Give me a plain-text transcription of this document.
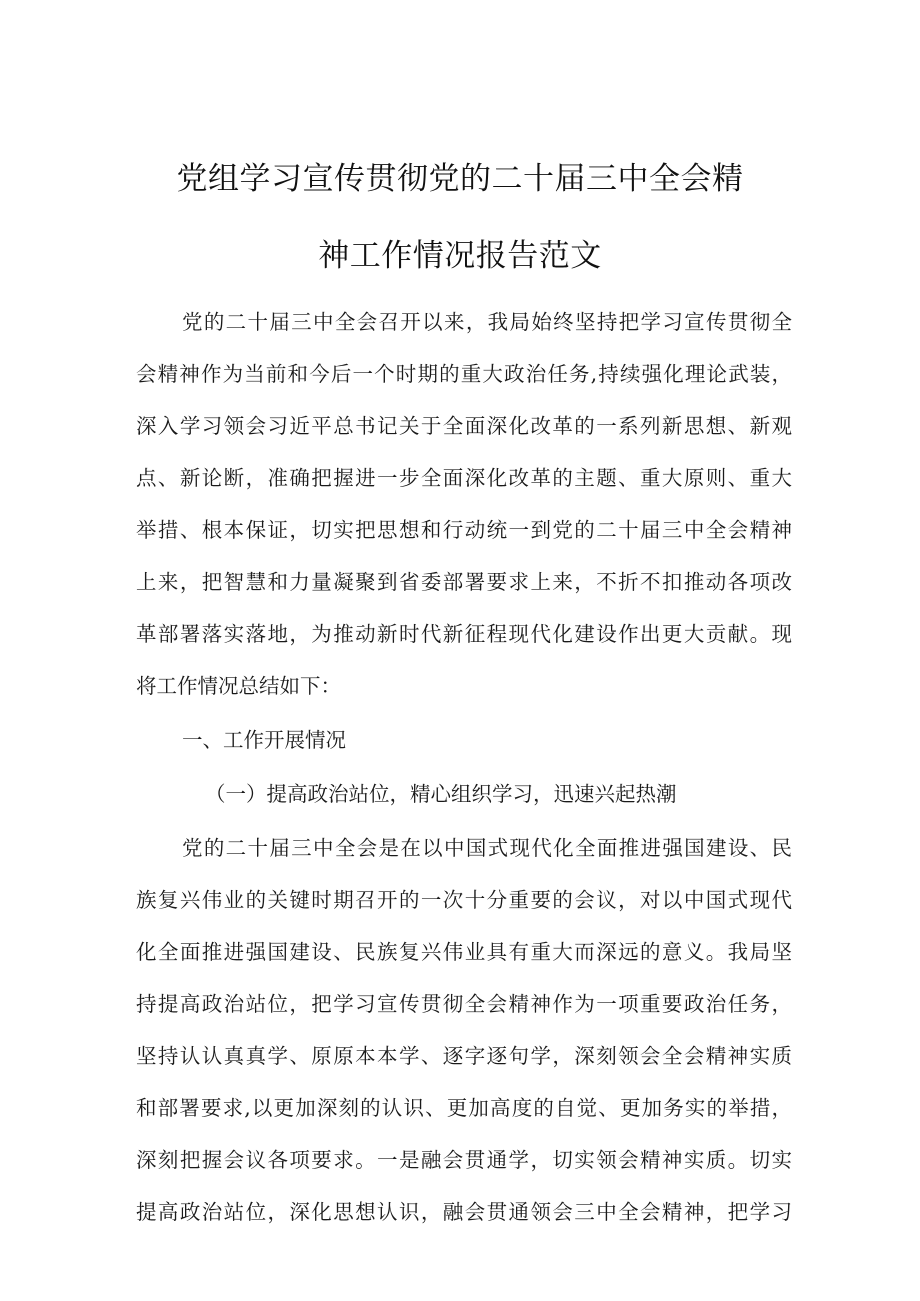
党组学习宣传贯彻党的二十届三中全会精
神工作情况报告范文
党的二十届三中全会召开以来，我局始终坚持把学习宣传贯彻全
会精神作为当前和今后一个时期的重大政治任务,持续强化理论武装，
深入学习领会习近平总书记关于全面深化改革的一系列新思想、新观
点、新论断，准确把握进一步全面深化改革的主题、重大原则、重大
举措、根本保证，切实把思想和行动统一到党的二十届三中全会精神
上来，把智慧和力量凝聚到省委部署要求上来，不折不扣推动各项改
革部署落实落地，为推动新时代新征程现代化建设作出更大贡献。现
将工作情况总结如下：
一、工作开展情况
（一）提高政治站位，精心组织学习，迅速兴起热潮
党的二十届三中全会是在以中国式现代化全面推进强国建设、民
族复兴伟业的关键时期召开的一次十分重要的会议，对以中国式现代
化全面推进强国建设、民族复兴伟业具有重大而深远的意义。我局坚
持提高政治站位，把学习宣传贯彻全会精神作为一项重要政治任务，
坚持认认真真学、原原本本学、逐字逐句学，深刻领会全会精神实质
和部署要求,以更加深刻的认识、更加高度的自觉、更加务实的举措，
深刻把握会议各项要求。一是融会贯通学，切实领会精神实质。切实
提高政治站位，深化思想认识，融会贯通领会三中全会精神，把学习
